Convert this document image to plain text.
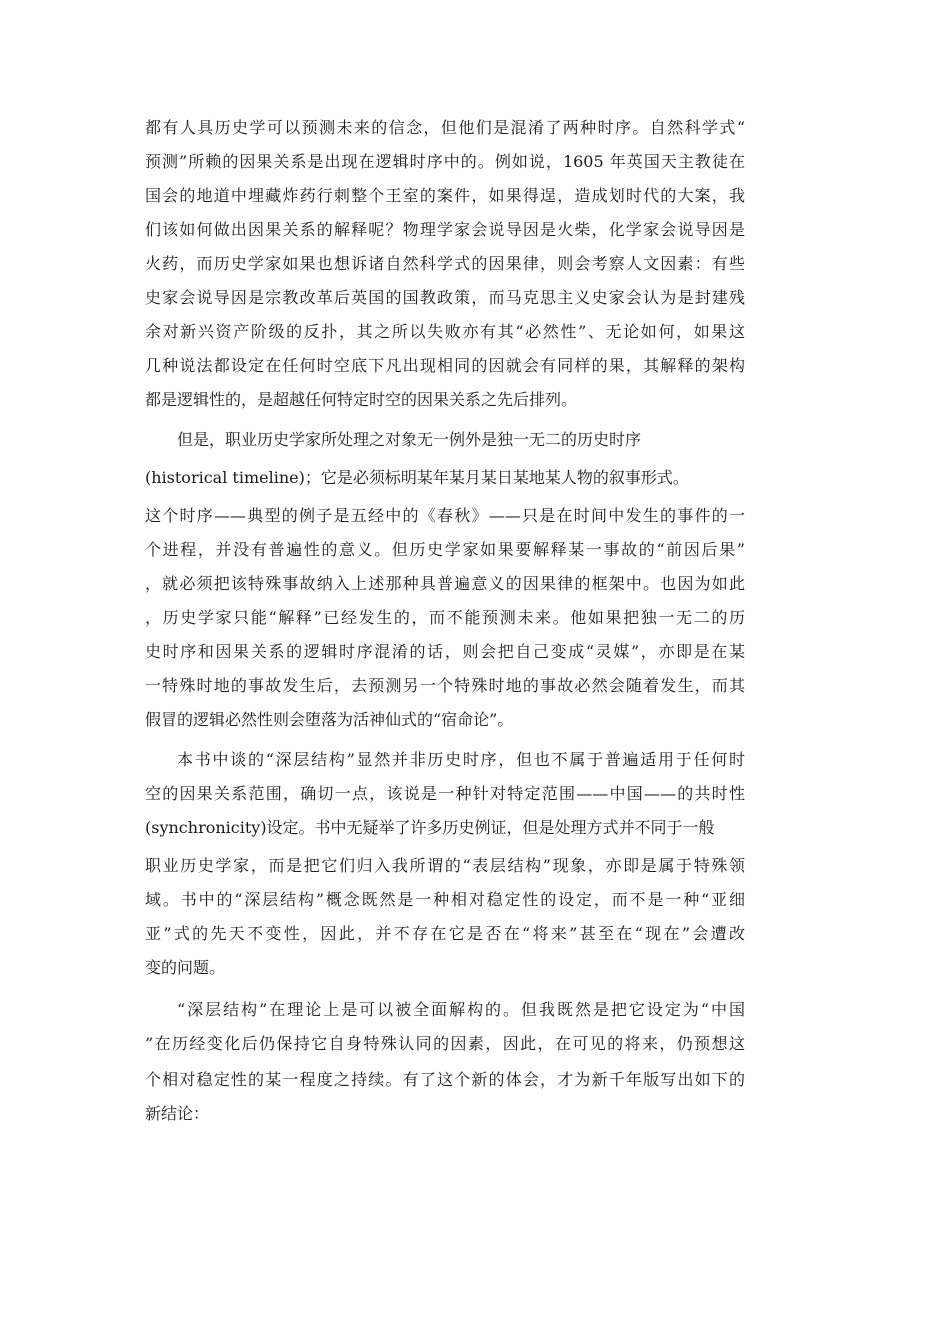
都有人具历史学可以预测未来的信念，但他们是混淆了两种时序。自然科学式“
预测”所赖的因果关系是出现在逻辑时序中的。例如说，1605 年英国天主教徒在
国会的地道中埋藏炸药行刺整个王室的案件，如果得逞，造成划时代的大案，我
们该如何做出因果关系的解释呢？物理学家会说导因是火柴，化学家会说导因是
火药，而历史学家如果也想诉诸自然科学式的因果律，则会考察人文因素：有些
史家会说导因是宗教改革后英国的国教政策，而马克思主义史家会认为是封建残
余对新兴资产阶级的反扑，其之所以失败亦有其“必然性”、无论如何，如果这
几种说法都设定在任何时空底下凡出现相同的因就会有同样的果，其解释的架构
都是逻辑性的，是超越任何特定时空的因果关系之先后排列。
但是，职业历史学家所处理之对象无一例外是独一无二的历史时序
(historical timeline)；它是必须标明某年某月某日某地某人物的叙事形式。
这个时序——典型的例子是五经中的《春秋》——只是在时间中发生的事件的一
个进程，并没有普遍性的意义。但历史学家如果要解释某一事故的“前因后果”
，就必须把该特殊事故纳入上述那种具普遍意义的因果律的框架中。也因为如此
，历史学家只能“解释”已经发生的，而不能预测未来。他如果把独一无二的历
史时序和因果关系的逻辑时序混淆的话，则会把自己变成“灵媒”，亦即是在某
一特殊时地的事故发生后，去预测另一个特殊时地的事故必然会随着发生，而其
假冒的逻辑必然性则会堕落为活神仙式的“宿命论”。
本书中谈的“深层结构”显然并非历史时序，但也不属于普遍适用于任何时
空的因果关系范围，确切一点，该说是一种针对特定范围——中国——的共时性
(synchronicity)设定。书中无疑举了许多历史例证，但是处理方式并不同于一般
职业历史学家，而是把它们归入我所谓的“表层结构”现象，亦即是属于特殊领
域。书中的“深层结构”概念既然是一种相对稳定性的设定，而不是一种“亚细
亚”式的先天不变性，因此，并不存在它是否在“将来”甚至在“现在”会遭改
变的问题。
“深层结构”在理论上是可以被全面解构的。但我既然是把它设定为“中国
”在历经变化后仍保持它自身特殊认同的因素，因此，在可见的将来，仍预想这
个相对稳定性的某一程度之持续。有了这个新的体会，才为新千年版写出如下的
新结论：
